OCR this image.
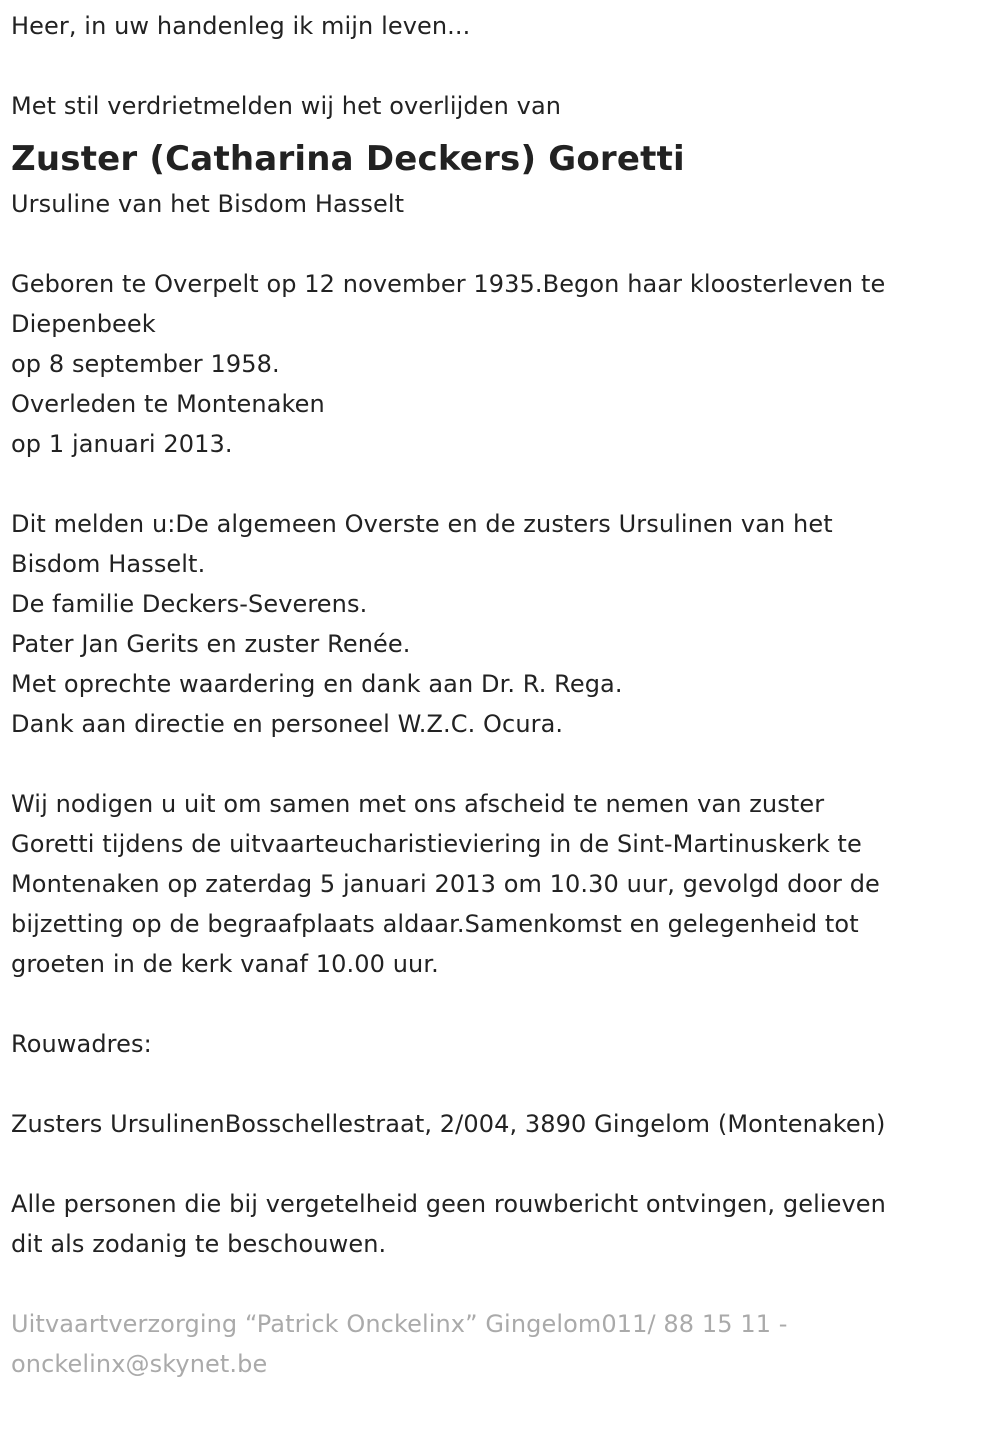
Heer, in uw handenleg ik mijn leven...
Met stil verdrietmelden wij het overlijden van
Zuster (Catharina Deckers) Goretti
Ursuline van het Bisdom Hasselt
Geboren te Overpelt op 12 november 1935.Begon haar kloosterleven te
Diepenbeek
op 8 september 1958.
Overleden te Montenaken
op 1 januari 2013.
Dit melden u:De algemeen Overste en de zusters Ursulinen van het
Bisdom Hasselt.
De familie Deckers-Severens.
Pater Jan Gerits en zuster Renée.
Met oprechte waardering en dank aan Dr. R. Rega.
Dank aan directie en personeel W.Z.C. Ocura.
Wij nodigen u uit om samen met ons afscheid te nemen van zuster
Goretti tijdens de uitvaarteucharistieviering in de Sint-Martinuskerk te
Montenaken op zaterdag 5 januari 2013 om 10.30 uur, gevolgd door de
bijzetting op de begraafplaats aldaar.Samenkomst en gelegenheid tot
groeten in de kerk vanaf 10.00 uur.
Rouwadres:
Zusters UrsulinenBosschellestraat, 2/004, 3890 Gingelom (Montenaken)
Alle personen die bij vergetelheid geen rouwbericht ontvingen, gelieven
dit als zodanig te beschouwen.
Uitvaartverzorging “Patrick Onckelinx” Gingelom011/ 88 15 11 -
onckelinx@skynet.be
